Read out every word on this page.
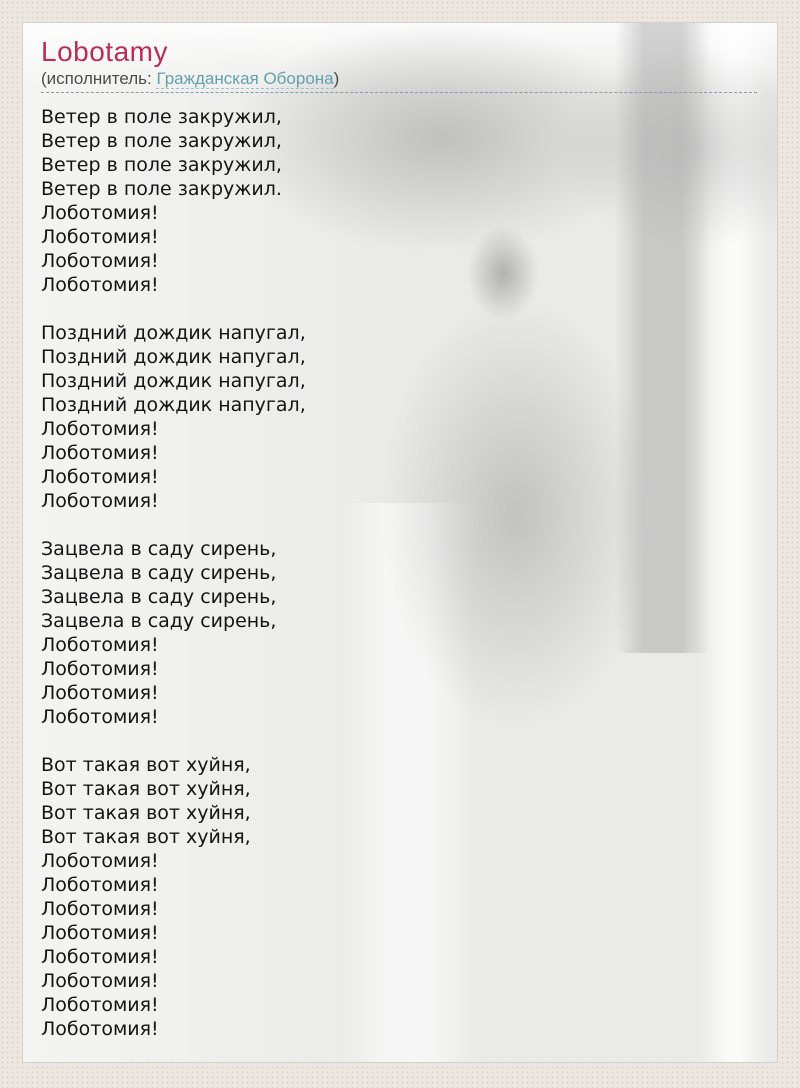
Lobotamy
(исполнитель: Гражданская Оборона)
Ветер в поле закружил,
Ветер в поле закружил,
Ветер в поле закружил,
Ветер в поле закружил.
Лоботомия!
Лоботомия!
Лоботомия!
Лоботомия!

Поздний дождик напугал,
Поздний дождик напугал,
Поздний дождик напугал,
Поздний дождик напугал,
Лоботомия!
Лоботомия!
Лоботомия!
Лоботомия!

Зацвела в саду сирень,
Зацвела в саду сирень,
Зацвела в саду сирень,
Зацвела в саду сирень,
Лоботомия!
Лоботомия!
Лоботомия!
Лоботомия!

Вот такая вот хуйня,
Вот такая вот хуйня,
Вот такая вот хуйня,
Вот такая вот хуйня,
Лоботомия!
Лоботомия!
Лоботомия!
Лоботомия!
Лоботомия!
Лоботомия!
Лоботомия!
Лоботомия!
